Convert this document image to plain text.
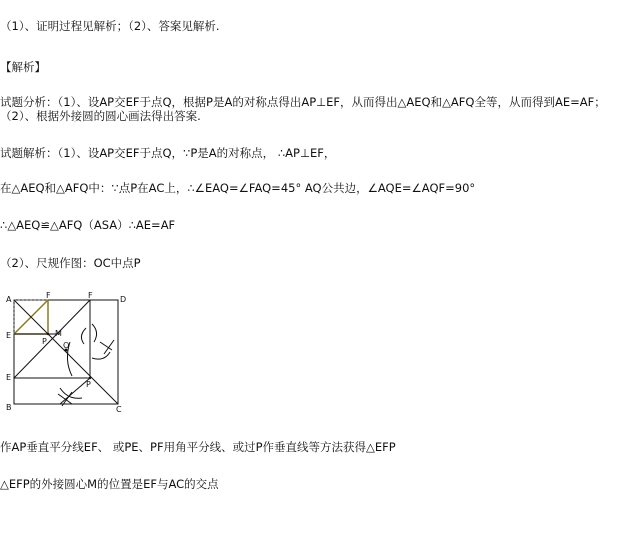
（1）、证明过程见解析；（2）、答案见解析.
【解析】
试题分析：（1）、设AP交EF于点Q，根据P是A的对称点得出AP⊥EF，从而得出△AEQ和△AFQ全等，从而得到AE=AF；（2）、根据外接圆的圆心画法得出答案.
试题解析：（1）、设AP交EF于点Q，∵P是A的对称点， ∴AP⊥EF，
在△AEQ和△AFQ中：∵点P在AC上，∴∠EAQ=∠FAQ=45° AQ公共边，∠AQE=∠AQF=90°
∴△AEQ≌△AFQ（ASA）∴AE=AF
（2）、尺规作图：OC中点P
A	F	F	D
E	M
P O
E
P
B	C
作AP垂直平分线EF、 或PE、PF用角平分线、或过P作垂直线等方法获得△EFP
△EFP的外接圆心M的位置是EF与AC的交点
